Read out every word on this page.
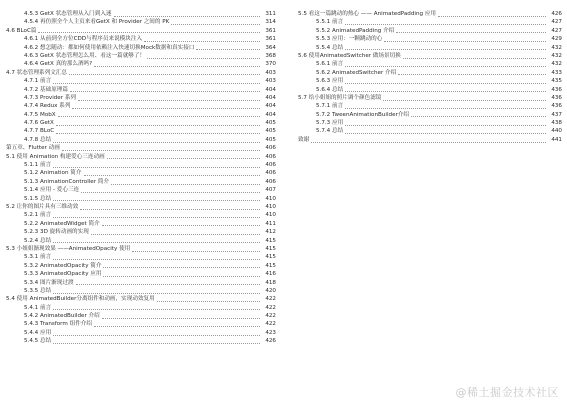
4.5.3 GetX 状态管理从入门到入迷	311
4.5.4 再仿照全个人主页来看GetX 和 Provider 之间的 PK	314
4.6 BLoC篇	361
4.6.1 从前到全方位CDD与程序员来说模块注入	361
4.6.2 想怎随动：都如何使用依赖注入快速切换Mock数据和真实接口	364
4.6.3 GetX 状态管理怎么用、看这一篇就够了！	368
4.6.4 GetX 真的那么酒吗?	370
4.7 状态管理系列文汇总	403
4.7.1 前言	403
4.7.2 基础原理篇	404
4.7.3 Provider 系列	404
4.7.4 Redux 系列	404
4.7.5 MobX	404
4.7.6 GetX	405
4.7.7 BLoC	405
4.7.8 总结	405
第五章、Flutter 动画	406
5.1 使用 Animation 构建爱心三连动画	406
5.1.1 前言	406
5.1.2 Animation 简介	406
5.1.3 AnimationController 简介	406
5.1.4 应用 - 爱心三连	407
5.1.5 总结	410
5.2 让你的图片具有三维动效	410
5.2.1 前言	410
5.2.2 AnimatedWidget 简介	411
5.2.3 3D 旋转动画的实现	412
5.2.4 总结	415
5.3 小姐姐渐现效果 ——AnimatedOpacity 使用	415
5.3.1 前言	415
5.3.2 AnimatedOpacity 简介	415
5.3.3 AnimatedOpacity 应用	416
5.3.4 图片渐现过渡	418
5.3.5 总结	420
5.4 使用 AnimatedBuilder分离组件和动画，实现动效复用	422
5.4.1 前言	422
5.4.2 AnimatedBuilder 介绍	422
5.4.3 Transform 组件介绍	422
5.4.4 应用	423
5.4.5 总结	426
5.5 看这一篇跳动的热心 —— AnimatedPadding 应用	426
5.5.1 前言	427
5.5.2 AnimatedPadding 介绍	427
5.5.3 应用：一颗跳动的心	429
5.5.4 总结	432
5.6 使用AnimatedSwitcher 做场景切换	432
5.6.1 前言	432
5.6.2 AnimatedSwitcher 介绍	433
5.6.3 应用	435
5.6.4 总结	436
5.7 给小姐姐的照片调个颜色滤镜	436
5.7.1 前言	436
5.7.2 TweenAnimationBuilder介绍	437
5.7.3 应用	438
5.7.4 总结	440
致谢	441
@稀土掘金技术社区
